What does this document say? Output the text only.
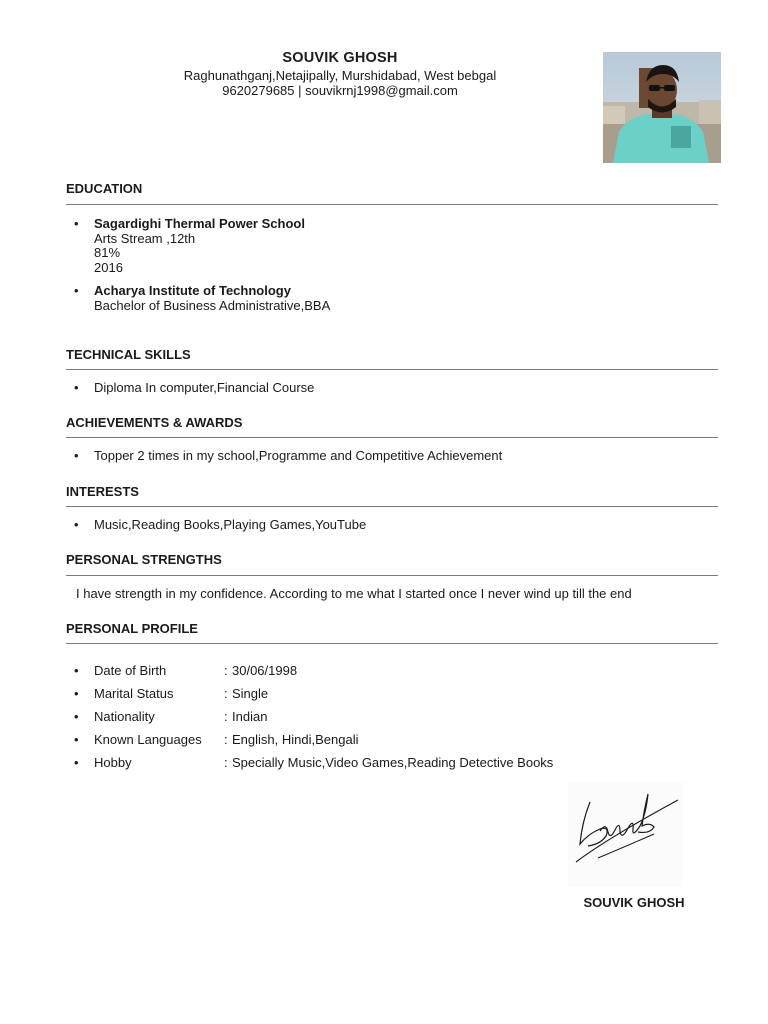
SOUVIK GHOSH
Raghunathganj,Netajipally, Murshidabad, West bebgal
9620279685 | souvikrnj1998@gmail.com
EDUCATION
• Sagardighi Thermal Power School
Arts Stream ,12th
81%
2016
• Acharya Institute of Technology
Bachelor of Business Administrative,BBA
TECHNICAL SKILLS
• Diploma In computer,Financial Course
ACHIEVEMENTS & AWARDS
• Topper 2 times in my school,Programme and Competitive Achievement
INTERESTS
• Music,Reading Books,Playing Games,YouTube
PERSONAL STRENGTHS
I have strength in my confidence. According to me what I started once I never wind up till the end
PERSONAL PROFILE
• Date of Birth	: 30/06/1998
• Marital Status	: Single
• Nationality	: Indian
• Known Languages	: English, Hindi,Bengali
• Hobby	: Specially Music,Video Games,Reading Detective Books
SOUVIK GHOSH
